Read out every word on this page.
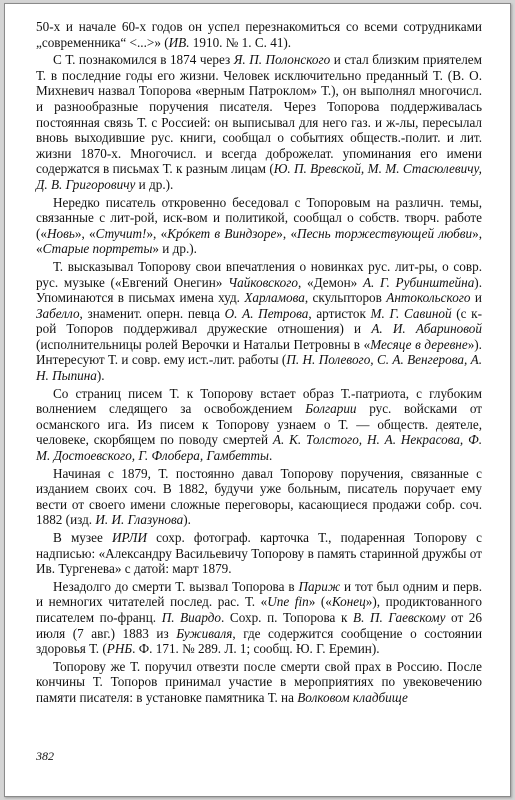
50-х и начале 60-х годов он успел перезнакомиться со всеми сотрудниками „современника“ <...>» (ИВ. 1910. № 1. С. 41).

С Т. познакомился в 1874 через Я. П. Полонского и стал близким приятелем Т. в последние годы его жизни. Человек исключительно преданный Т. (В. О. Михневич назвал Топорова «верным Патроклом» Т.), он выполнял многочисл. и разнообразные поручения писателя. Через Топорова поддерживалась постоянная связь Т. с Россией: он выписывал для него газ. и ж-лы, пересылал вновь выходившие рус. книги, сообщал о событиях обществ.-полит. и лит. жизни 1870-х. Многочисл. и всегда доброжелат. упоминания его имени содержатся в письмах Т. к разным лицам (Ю. П. Вревской, М. М. Стасюлевичу, Д. В. Григоровичу и др.).

Нередко писатель откровенно беседовал с Топоровым на различн. темы, связанные с лит-рой, иск-вом и политикой, сообщал о собств. творч. работе («Новь», «Стучит!», «Крóкет в Виндзоре», «Песнь торжествующей любви», «Старые портреты» и др.).

Т. высказывал Топорову свои впечатления о новинках рус. лит-ры, о совр. рус. музыке («Евгений Онегин» Чайковского, «Демон» А. Г. Рубинштейна). Упоминаются в письмах имена худ. Харламова, скульпторов Антокольского и Забелло, знаменит. оперн. певца О. А. Петрова, артисток М. Г. Савиной (с к-рой Топоров поддерживал дружеские отношения) и А. И. Абариновой (исполнительницы ролей Верочки и Натальи Петровны в «Месяце в деревне»). Интересуют Т. и совр. ему ист.-лит. работы (П. Н. Полевого, С. А. Венгерова, А. Н. Пыпина).

Со страниц писем Т. к Топорову встает образ Т.-патриота, с глубоким волнением следящего за освобождением Болгарии рус. войсками от османского ига. Из писем к Топорову узнаем о Т. — обществ. деятеле, человеке, скорбящем по поводу смертей А. К. Толстого, Н. А. Некрасова, Ф. М. Достоевского, Г. Флобера, Гамбетты.

Начиная с 1879, Т. постоянно давал Топорову поручения, связанные с изданием своих соч. В 1882, будучи уже больным, писатель поручает ему вести от своего имени сложные переговоры, касающиеся продажи собр. соч. 1882 (изд. И. И. Глазунова).

В музее ИРЛИ сохр. фотограф. карточка Т., подаренная Топорову с надписью: «Александру Васильевичу Топорову в память старинной дружбы от Ив. Тургенева» с датой: март 1879.

Незадолго до смерти Т. вызвал Топорова в Париж и тот был одним и перв. и немногих читателей послед. рас. Т. «Une fin» («Конец»), продиктованного писателем по-франц. П. Виардо. Сохр. п. Топорова к В. П. Гаевскому от 26 июля (7 авг.) 1883 из Буживаля, где содержится сообщение о состоянии здоровья Т. (РНБ. Ф. 171. № 289. Л. 1; сообщ. Ю. Г. Еремин).

Топорову же Т. поручил отвезти после смерти свой прах в Россию. После кончины Т. Топоров принимал участие в мероприятиях по увековечению памяти писателя: в установке памятника Т. на Волковом кладбище

382
